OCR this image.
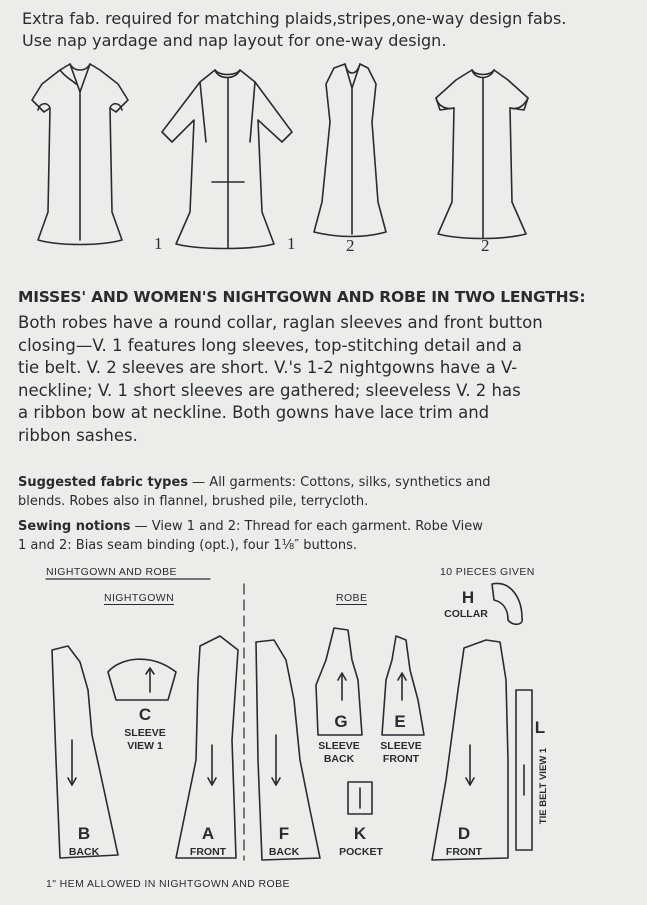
Extra fab. required for matching plaids,stripes,one-way design fabs.
Use nap yardage and nap layout for one-way design.
1	1	2	2
MISSES' AND WOMEN'S NIGHTGOWN AND ROBE IN TWO LENGTHS:
Both robes have a round collar, raglan sleeves and front button
closing—V. 1 features long sleeves, top-stitching detail and a
tie belt. V. 2 sleeves are short. V.'s 1-2 nightgowns have a V-
neckline; V. 1 short sleeves are gathered; sleeveless V. 2 has
a ribbon bow at neckline. Both gowns have lace trim and
ribbon sashes.
Suggested fabric types — All garments: Cottons, silks, synthetics and
blends. Robes also in flannel, brushed pile, terrycloth.
Sewing notions — View 1 and 2: Thread for each garment. Robe View
1 and 2: Bias seam binding (opt.), four 1⅛″ buttons.
NIGHTGOWN AND ROBE	10 PIECES GIVEN
NIGHTGOWN	ROBE
B
BACK
C
SLEEVE
VIEW 1
A
FRONT
F
BACK
G
SLEEVE
BACK
E
SLEEVE
FRONT
H
COLLAR
K
POCKET
D
FRONT
L
TIE BELT VIEW 1
1" HEM ALLOWED IN NIGHTGOWN AND ROBE
